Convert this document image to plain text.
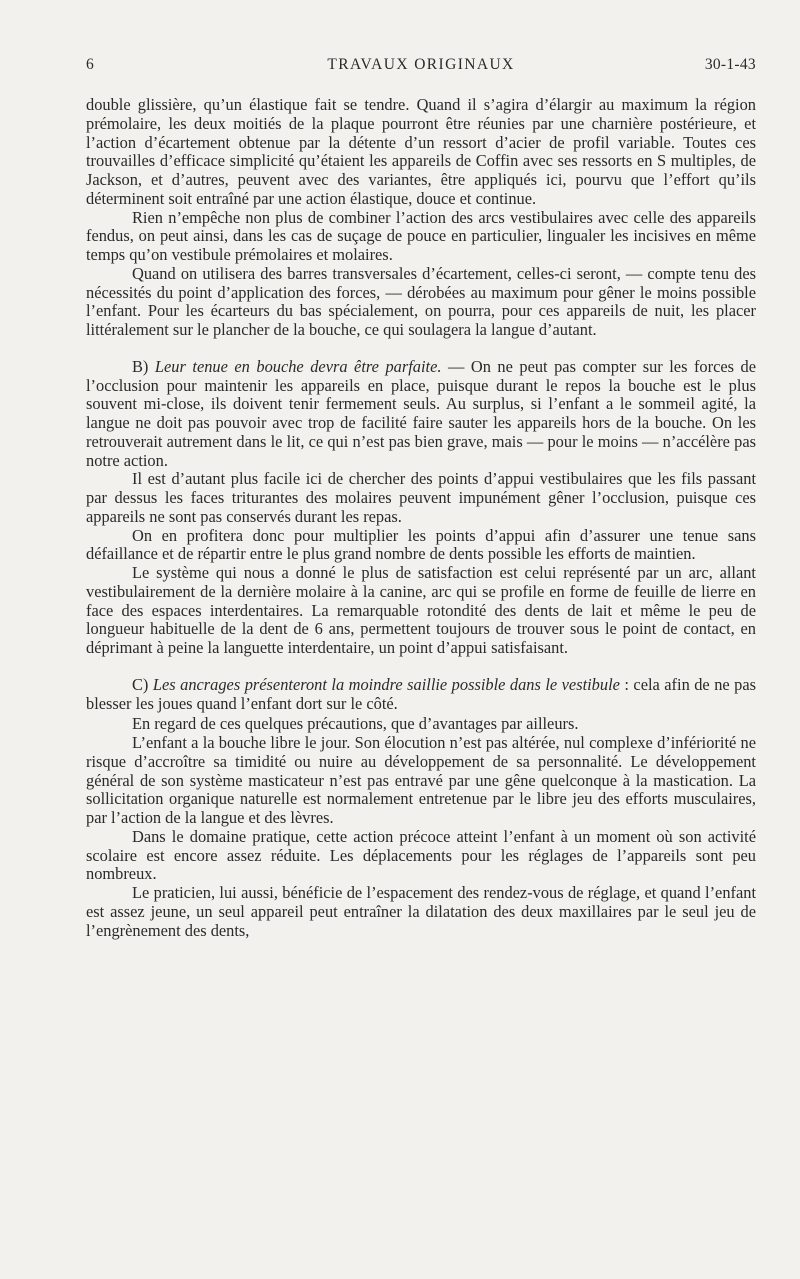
6	TRAVAUX ORIGINAUX	30-1-43

double glissière, qu’un élastique fait se tendre. Quand il s’agira d’élargir au maximum la région prémolaire, les deux moitiés de la plaque pourront être réunies par une charnière postérieure, et l’action d’écartement obtenue par la détente d’un ressort d’acier de profil variable. Toutes ces trouvailles d’efficace simplicité qu’étaient les appareils de Coffin avec ses ressorts en S multiples, de Jackson, et d’autres, peuvent avec des variantes, être appliqués ici, pourvu que l’effort qu’ils déterminent soit entraîné par une action élastique, douce et continue.

Rien n’empêche non plus de combiner l’action des arcs vestibulaires avec celle des appareils fendus, on peut ainsi, dans les cas de suçage de pouce en particulier, lingualer les incisives en même temps qu’on vestibule prémolaires et molaires.

Quand on utilisera des barres transversales d’écartement, celles-ci seront, — compte tenu des nécessités du point d’application des forces, — dérobées au maximum pour gêner le moins possible l’enfant. Pour les écarteurs du bas spécialement, on pourra, pour ces appareils de nuit, les placer littéralement sur le plancher de la bouche, ce qui soulagera la langue d’autant.

B) Leur tenue en bouche devra être parfaite. — On ne peut pas compter sur les forces de l’occlusion pour maintenir les appareils en place, puisque durant le repos la bouche est le plus souvent mi-close, ils doivent tenir fermement seuls. Au surplus, si l’enfant a le sommeil agité, la langue ne doit pas pouvoir avec trop de facilité faire sauter les appareils hors de la bouche. On les retrouverait autrement dans le lit, ce qui n’est pas bien grave, mais — pour le moins — n’accélère pas notre action.

Il est d’autant plus facile ici de chercher des points d’appui vestibulaires que les fils passant par dessus les faces triturantes des molaires peuvent impunément gêner l’occlusion, puisque ces appareils ne sont pas conservés durant les repas.

On en profitera donc pour multiplier les points d’appui afin d’assurer une tenue sans défaillance et de répartir entre le plus grand nombre de dents possible les efforts de maintien.

Le système qui nous a donné le plus de satisfaction est celui représenté par un arc, allant vestibulairement de la dernière molaire à la canine, arc qui se profile en forme de feuille de lierre en face des espaces interdentaires. La remarquable rotondité des dents de lait et même le peu de longueur habituelle de la dent de 6 ans, permettent toujours de trouver sous le point de contact, en déprimant à peine la languette interdentaire, un point d’appui satisfaisant.

C) Les ancrages présenteront la moindre saillie possible dans le vestibule : cela afin de ne pas blesser les joues quand l’enfant dort sur le côté.

En regard de ces quelques précautions, que d’avantages par ailleurs.

L’enfant a la bouche libre le jour. Son élocution n’est pas altérée, nul complexe d’infériorité ne risque d’accroître sa timidité ou nuire au développement de sa personnalité. Le développement général de son système masticateur n’est pas entravé par une gêne quelconque à la mastication. La sollicitation organique naturelle est normalement entretenue par le libre jeu des efforts musculaires, par l’action de la langue et des lèvres.

Dans le domaine pratique, cette action précoce atteint l’enfant à un moment où son activité scolaire est encore assez réduite. Les déplacements pour les réglages de l’appareils sont peu nombreux.

Le praticien, lui aussi, bénéficie de l’espacement des rendez-vous de réglage, et quand l’enfant est assez jeune, un seul appareil peut entraîner la dilatation des deux maxillaires par le seul jeu de l’engrènement des dents,
